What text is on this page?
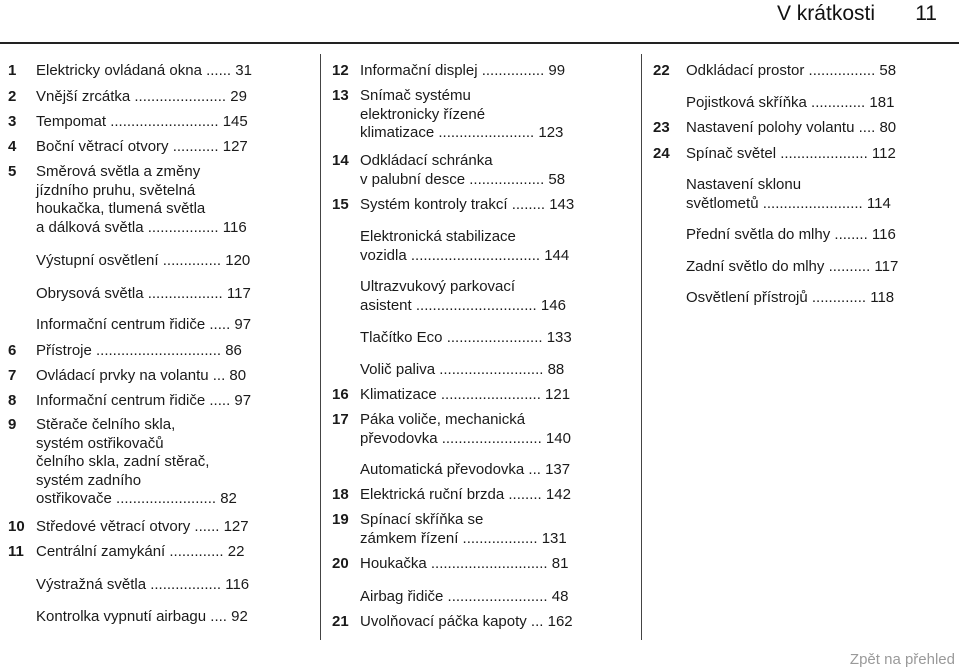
V krátkosti 11
1	Elektricky ovládaná okna ...... 31
2	Vnější zrcátka ...................... 29
3	Tempomat .......................... 145
4	Boční větrací otvory ........... 127
5	Směrová světla a změny
jízdního pruhu, světelná
houkačka, tlumená světla
a dálková světla ................. 116
Výstupní osvětlení .............. 120
Obrysová světla .................. 117
Informační centrum řidiče ..... 97
6	Přístroje .............................. 86
7	Ovládací prvky na volantu ... 80
8	Informační centrum řidiče ..... 97
9	Stěrače čelního skla,
systém ostřikovačů
čelního skla, zadní stěrač,
systém zadního
ostřikovače ........................ 82
10 Středové větrací otvory ...... 127
11 Centrální zamykání ............. 22
Výstražná světla ................. 116
Kontrolka vypnutí airbagu .... 92
12 Informační displej ............... 99
13 Snímač systému
elektronicky řízené
klimatizace ....................... 123
14 Odkládací schránka
v palubní desce .................. 58
15 Systém kontroly trakcí ........ 143
Elektronická stabilizace
vozidla ............................... 144
Ultrazvukový parkovací
asistent ............................. 146
Tlačítko Eco ....................... 133
Volič paliva ......................... 88
16 Klimatizace ........................ 121
17 Páka voliče, mechanická
převodovka ........................ 140
Automatická převodovka ... 137
18 Elektrická ruční brzda ........ 142
19 Spínací skříňka se
zámkem řízení .................. 131
20 Houkačka ............................ 81
Airbag řidiče ........................ 48
21 Uvolňovací páčka kapoty ... 162
22	Odkládací prostor ................ 58
Pojistková skříňka ............. 181
23	Nastavení polohy volantu .... 80
24	Spínač světel ..................... 112
Nastavení sklonu
světlometů ........................ 114
Přední světla do mlhy ........ 116
Zadní světlo do mlhy .......... 117
Osvětlení přístrojů ............. 118
Zpět na přehled
